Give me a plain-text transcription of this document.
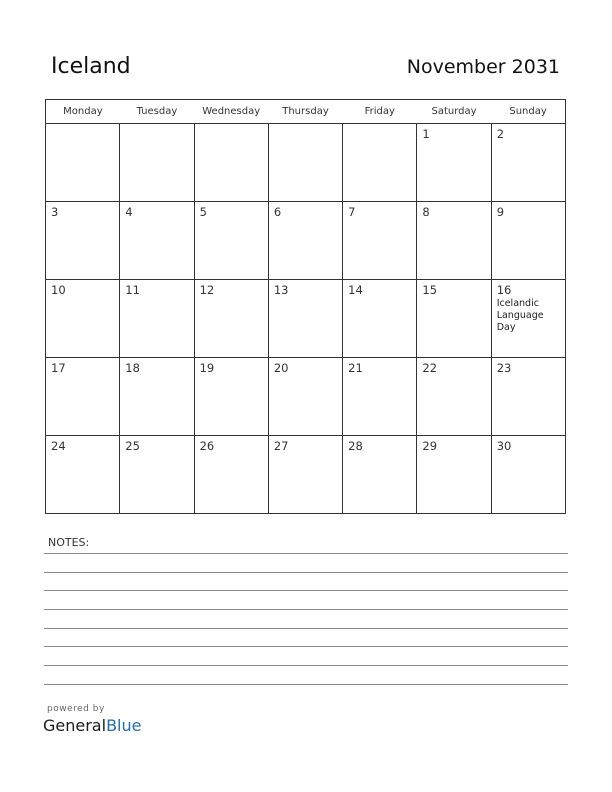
Iceland	November 2031
Monday	Tuesday	Wednesday	Thursday	Friday	Saturday	Sunday

					1	2

3	4	5	6	7	8	9

10	11	12	13	14	15	16
Icelandic Language Day

17	18	19	20	21	22	23

24	25	26	27	28	29	30
NOTES:
powered by
GeneralBlue
